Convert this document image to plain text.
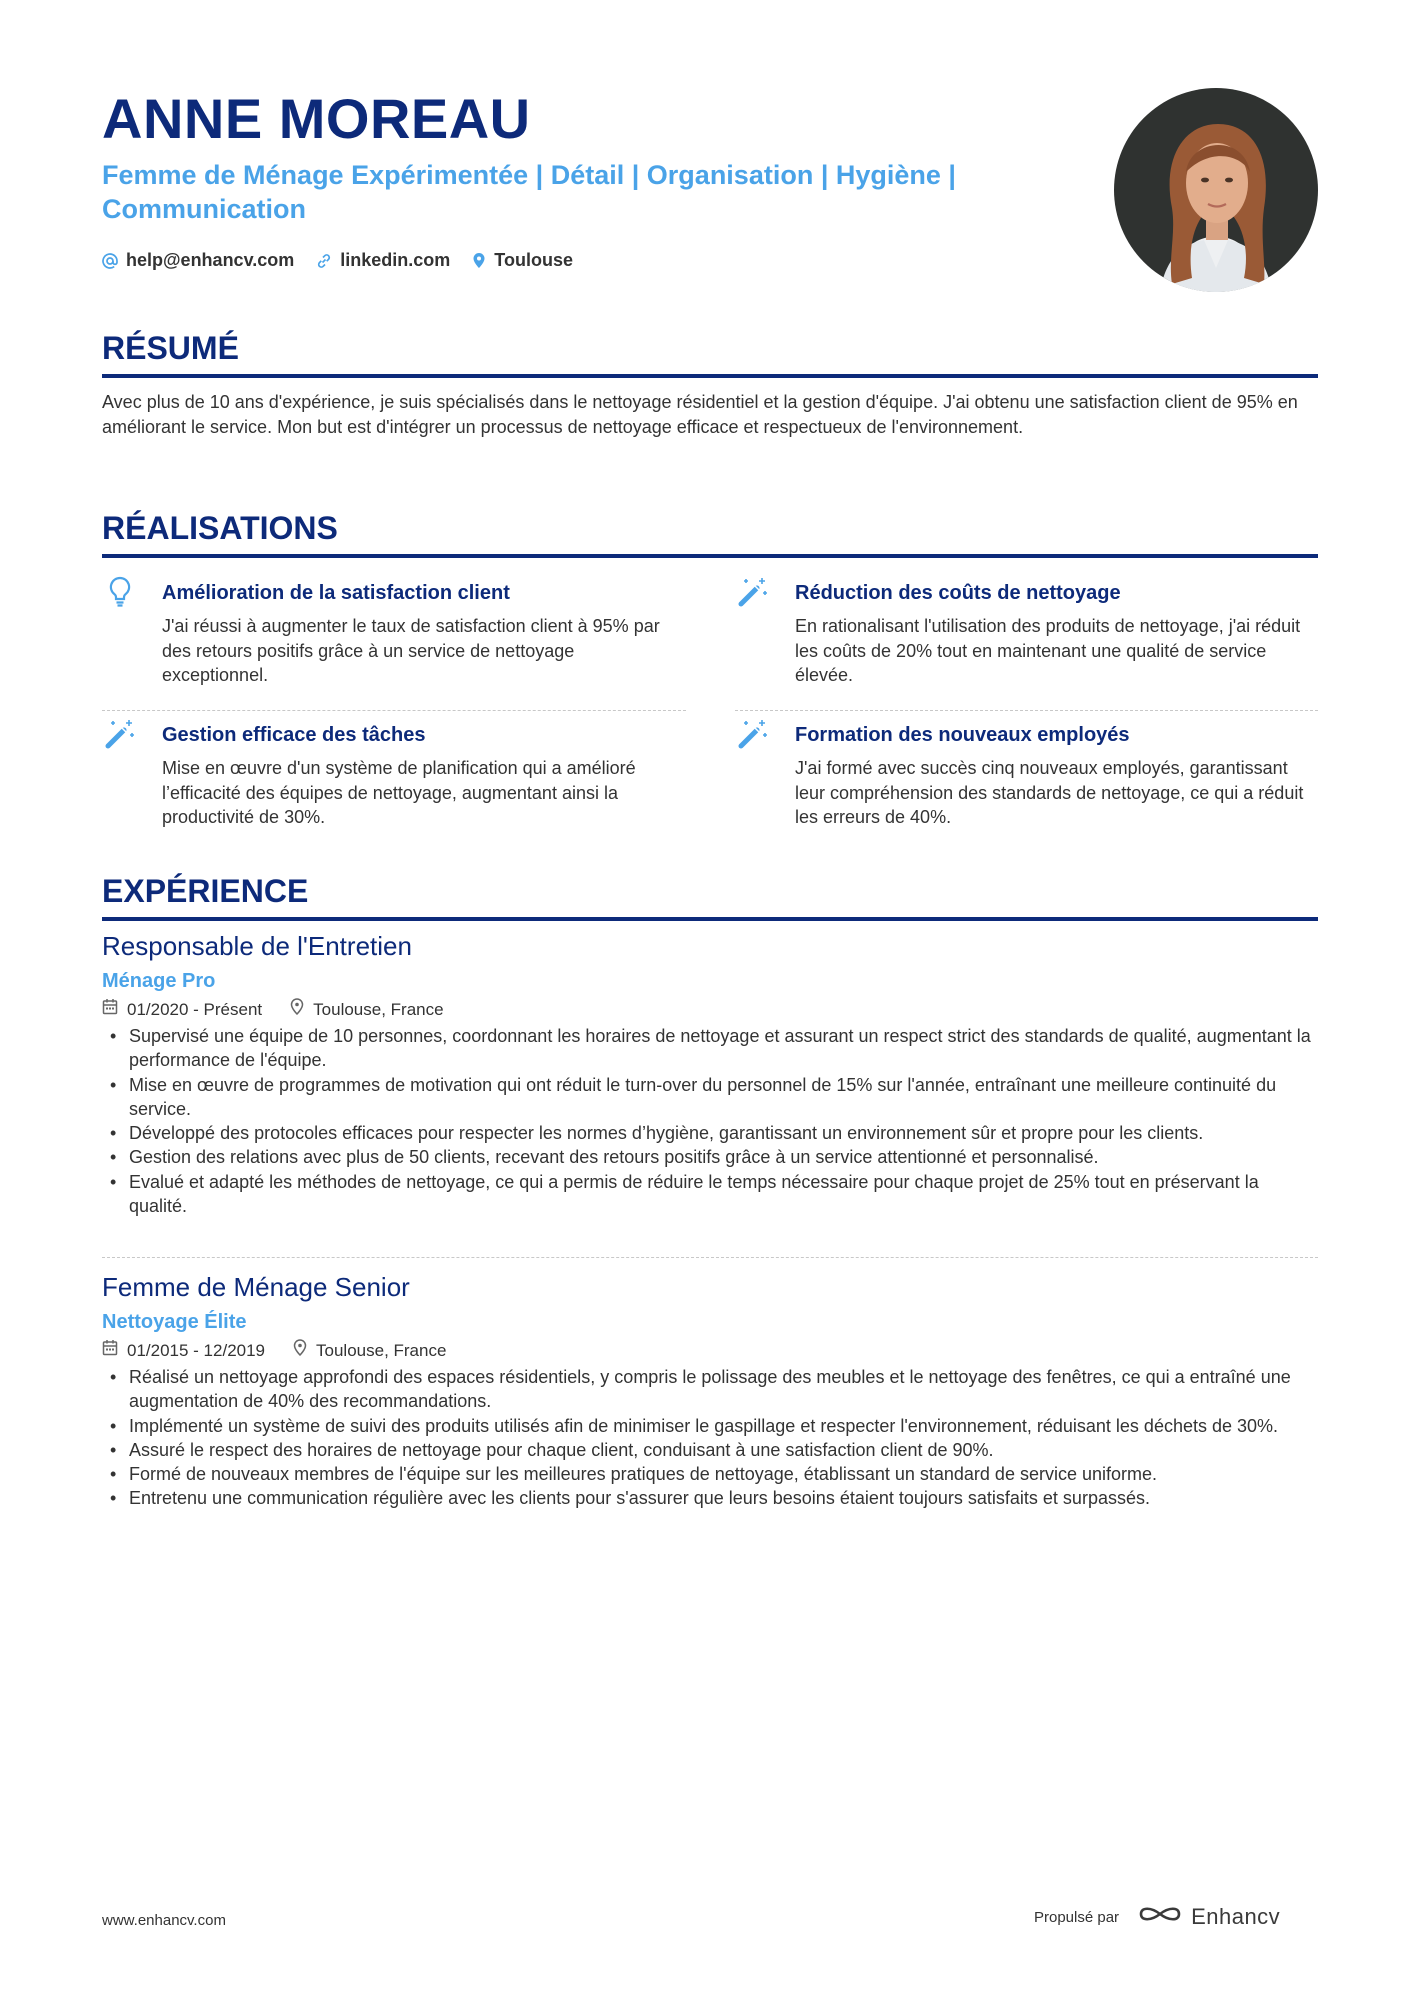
ANNE MOREAU
Femme de Ménage Expérimentée | Détail | Organisation | Hygiène |
Communication
help@enhancv.com	linkedin.com Toulouse
RÉSUMÉ
Avec plus de 10 ans d'expérience, je suis spécialisés dans le nettoyage résidentiel et la gestion d'équipe. J'ai obtenu une satisfaction client de 95% en améliorant le service. Mon but est d'intégrer un processus de nettoyage efficace et respectueux de l'environnement.
RÉALISATIONS
Amélioration de la satisfaction client
J'ai réussi à augmenter le taux de satisfaction client à 95% par des retours positifs grâce à un service de nettoyage exceptionnel.
Réduction des coûts de nettoyage
En rationalisant l'utilisation des produits de nettoyage, j'ai réduit les coûts de 20% tout en maintenant une qualité de service élevée.
Gestion efficace des tâches
Mise en œuvre d'un système de planification qui a amélioré l’efficacité des équipes de nettoyage, augmentant ainsi la productivité de 30%.
Formation des nouveaux employés
J'ai formé avec succès cinq nouveaux employés, garantissant leur compréhension des standards de nettoyage, ce qui a réduit les erreurs de 40%.
EXPÉRIENCE
Responsable de l'Entretien
Ménage Pro
01/2020 - Présent	Toulouse, France
• Supervisé une équipe de 10 personnes, coordonnant les horaires de nettoyage et assurant un respect strict des standards de qualité, augmentant la performance de l'équipe.
• Mise en œuvre de programmes de motivation qui ont réduit le turn-over du personnel de 15% sur l'année, entraînant une meilleure continuité du service.
• Développé des protocoles efficaces pour respecter les normes d’hygiène, garantissant un environnement sûr et propre pour les clients.
• Gestion des relations avec plus de 50 clients, recevant des retours positifs grâce à un service attentionné et personnalisé.
• Evalué et adapté les méthodes de nettoyage, ce qui a permis de réduire le temps nécessaire pour chaque projet de 25% tout en préservant la qualité.
Femme de Ménage Senior
Nettoyage Élite
01/2015 - 12/2019	Toulouse, France
• Réalisé un nettoyage approfondi des espaces résidentiels, y compris le polissage des meubles et le nettoyage des fenêtres, ce qui a entraîné une augmentation de 40% des recommandations.
• Implémenté un système de suivi des produits utilisés afin de minimiser le gaspillage et respecter l'environnement, réduisant les déchets de 30%.
• Assuré le respect des horaires de nettoyage pour chaque client, conduisant à une satisfaction client de 90%.
• Formé de nouveaux membres de l'équipe sur les meilleures pratiques de nettoyage, établissant un standard de service uniforme.
• Entretenu une communication régulière avec les clients pour s'assurer que leurs besoins étaient toujours satisfaits et surpassés.
www.enhancv.com	Propulsé par	Enhancv
